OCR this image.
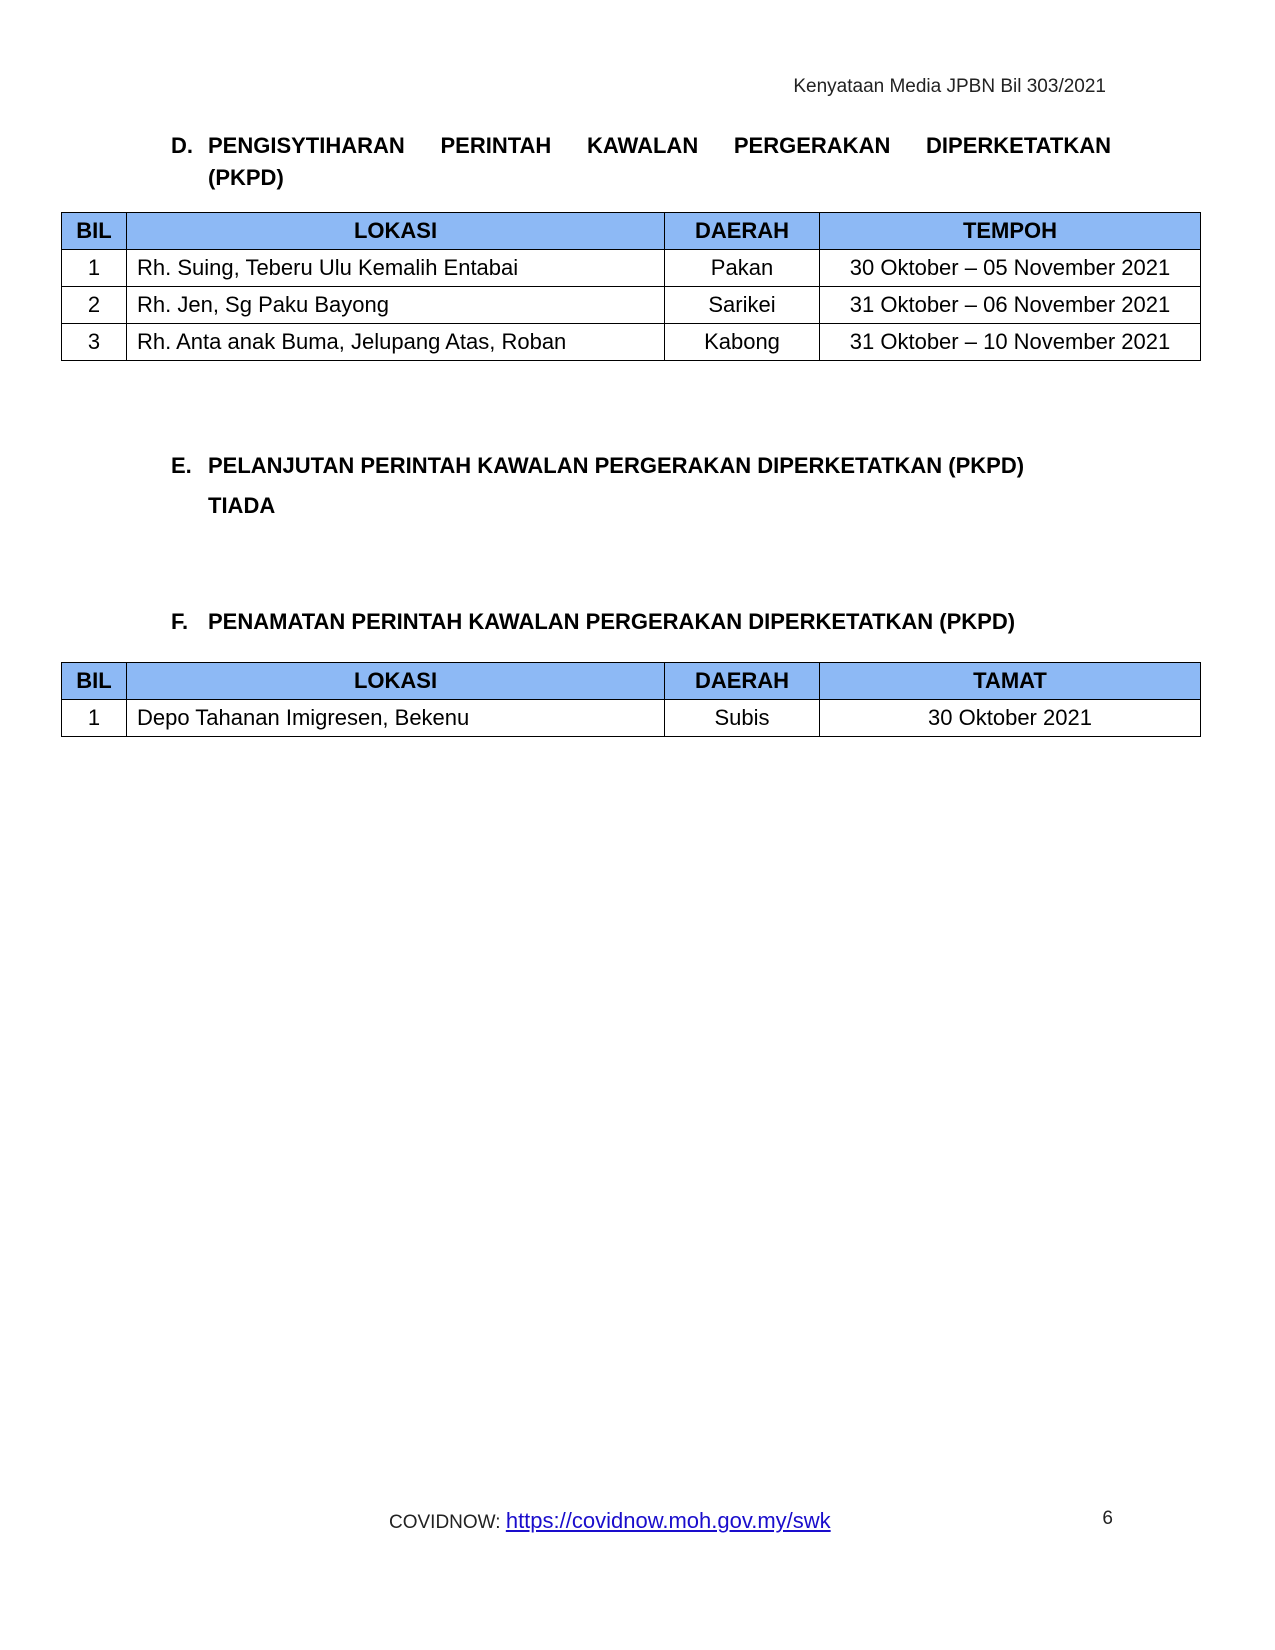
Kenyataan Media JPBN Bil 303/2021
D. PENGISYTIHARAN PERINTAH KAWALAN PERGERAKAN DIPERKETATKAN
(PKPD)
BIL	LOKASI	DAERAH	TEMPOH
1	Rh. Suing, Teberu Ulu Kemalih Entabai	Pakan	30 Oktober – 05 November 2021
2	Rh. Jen, Sg Paku Bayong	Sarikei	31 Oktober – 06 November 2021
3	Rh. Anta anak Buma, Jelupang Atas, Roban	Kabong	31 Oktober – 10 November 2021
E. PELANJUTAN PERINTAH KAWALAN PERGERAKAN DIPERKETATKAN (PKPD)
TIADA
F. PENAMATAN PERINTAH KAWALAN PERGERAKAN DIPERKETATKAN (PKPD)
BIL	LOKASI	DAERAH	TAMAT
1	Depo Tahanan Imigresen, Bekenu	Subis	30 Oktober 2021
COVIDNOW: https://covidnow.moh.gov.my/swk	6
